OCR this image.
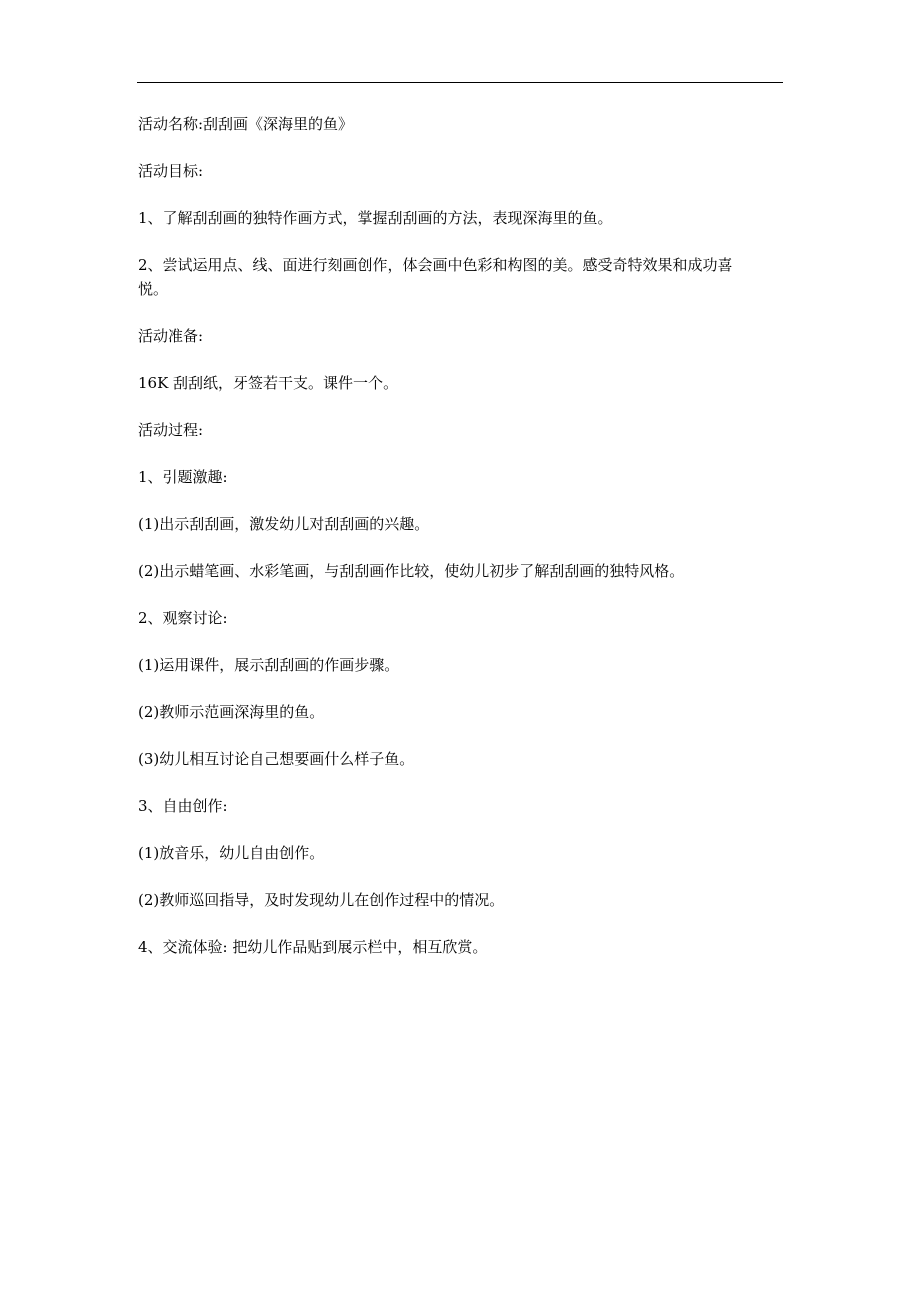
活动名称:刮刮画《深海里的鱼》

活动目标:

1、了解刮刮画的独特作画方式，掌握刮刮画的方法，表现深海里的鱼。

2、尝试运用点、线、面进行刻画创作，体会画中色彩和构图的美。感受奇特效果和成功喜悦。

活动准备:

16K 刮刮纸，牙签若干支。课件一个。

活动过程:

1、引题激趣:

(1)出示刮刮画，激发幼儿对刮刮画的兴趣。

(2)出示蜡笔画、水彩笔画，与刮刮画作比较，使幼儿初步了解刮刮画的独特风格。

2、观察讨论:

(1)运用课件，展示刮刮画的作画步骤。

(2)教师示范画深海里的鱼。

(3)幼儿相互讨论自己想要画什么样子鱼。

3、自由创作:

(1)放音乐，幼儿自由创作。

(2)教师巡回指导，及时发现幼儿在创作过程中的情况。

4、交流体验: 把幼儿作品贴到展示栏中，相互欣赏。
